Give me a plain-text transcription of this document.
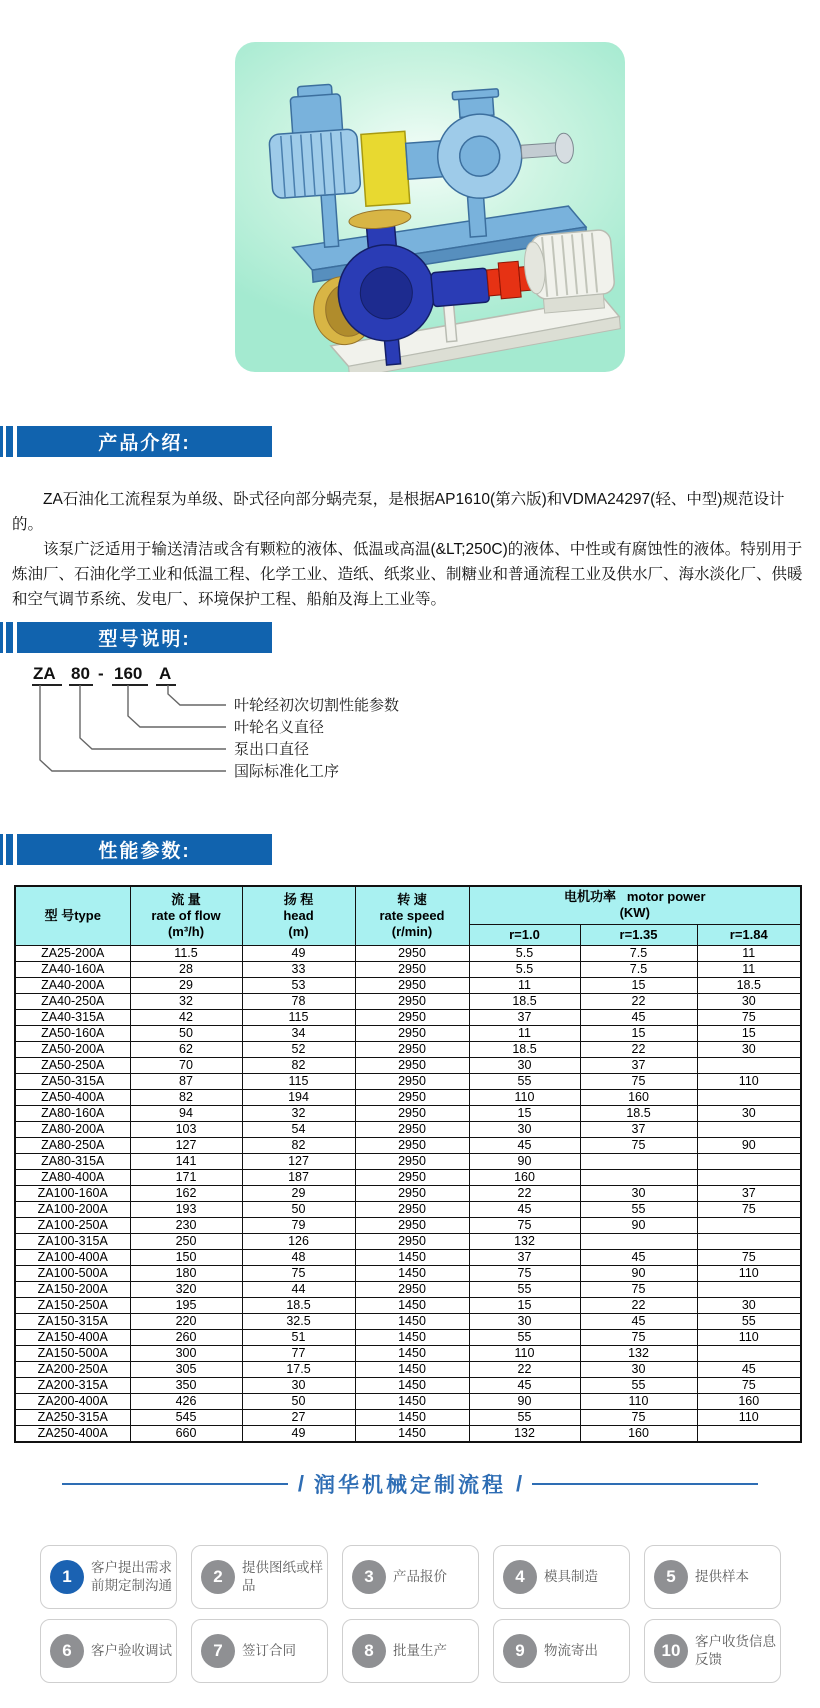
产品介绍:

ZA石油化工流程泵为单级、卧式径向部分蜗壳泵，是根据AP1610(第六版)和VDMA24297(轻、中型)规范设计的。

该泵广泛适用于输送清洁或含有颗粒的液体、低温或高温(&LT;250C)的液体、中性或有腐蚀性的液体。特别用于炼油厂、石油化学工业和低温工程、化学工业、造纸、纸浆业、制糖业和普通流程工业及供水厂、海水淡化厂、供暖和空气调节系统、发电厂、环境保护工程、船舶及海上工业等。

型号说明:
ZA 80 - 160 A
叶轮经初次切割性能参数
叶轮名义直径
泵出口直径
国际标准化工序
性能参数:
型 号type	流 量
rate of flow
(m³/h)	扬 程
head
(m)	转 速
rate speed
(r/min)	电机功率 motor power
(KW)		
				r=1.0	r=1.35	r=1.84
ZA25-200A	11.5	49	2950	5.5	7.5	11
ZA40-160A	28	33	2950	5.5	7.5	11
ZA40-200A	29	53	2950	11	15	18.5
ZA40-250A	32	78	2950	18.5	22	30
ZA40-315A	42	115	2950	37	45	75
ZA50-160A	50	34	2950	11	15	15
ZA50-200A	62	52	2950	18.5	22	30
ZA50-250A	70	82	2950	30	37	
ZA50-315A	87	115	2950	55	75	110
ZA50-400A	82	194	2950	110	160	
ZA80-160A	94	32	2950	15	18.5	30
ZA80-200A	103	54	2950	30	37	
ZA80-250A	127	82	2950	45	75	90
ZA80-315A	141	127	2950	90		
ZA80-400A	171	187	2950	160		
ZA100-160A	162	29	2950	22	30	37
ZA100-200A	193	50	2950	45	55	75
ZA100-250A	230	79	2950	75	90	
ZA100-315A	250	126	2950	132		
ZA100-400A	150	48	1450	37	45	75
ZA100-500A	180	75	1450	75	90	110
ZA150-200A	320	44	2950	55	75	
ZA150-250A	195	18.5	1450	15	22	30
ZA150-315A	220	32.5	1450	30	45	55
ZA150-400A	260	51	1450	55	75	110
ZA150-500A	300	77	1450	110	132	
ZA200-250A	305	17.5	1450	22	30	45
ZA200-315A	350	30	1450	45	55	75
ZA200-400A	426	50	1450	90	110	160
ZA250-315A	545	27	1450	55	75	110
ZA250-400A	660	49	1450	132	160	
/ 润华机械定制流程 /
1	客户提出需求前期定制沟通	2	提供图纸或样品	3	产品报价	4	模具制造	5	提供样本
6	客户验收调试	7	签订合同	8	批量生产	9	物流寄出	10	客户收货信息反馈
